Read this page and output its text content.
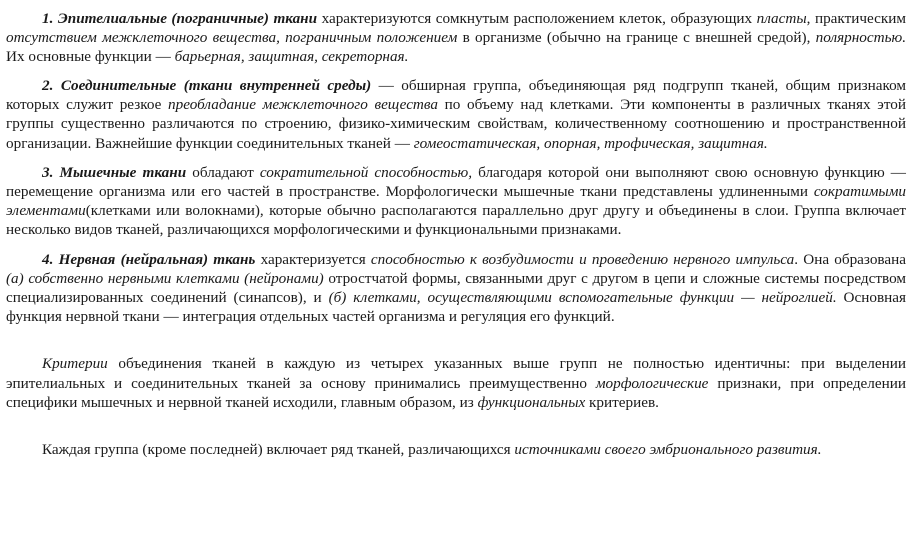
1. Эпителиальные (пограничные) ткани характеризуются сомкнутым расположением клеток, образующих пласты, практическим отсутствием межклеточного вещества, пограничным положением в организме (обычно на границе с внешней средой), полярностью. Их основные функции — барьерная, защитная, секреторная.

2. Соединительные (ткани внутренней среды) — обширная группа, объединяющая ряд подгрупп тканей, общим признаком которых служит резкое преобладание межклеточного вещества по объему над клетками. Эти компоненты в различных тканях этой группы существенно различаются по строению, физико-химическим свойствам, количественному соотношению и пространственной организации. Важнейшие функции соединительных тканей — гомеостатическая, опорная, трофическая, защитная.

3. Мышечные ткани обладают сократительной способностью, благодаря которой они выполняют свою основную функцию — перемещение организма или его частей в пространстве. Морфологически мышечные ткани представлены удлиненными сократимыми элементами(клетками или волокнами), которые обычно располагаются параллельно друг другу и объединены в слои. Группа включает несколько видов тканей, различающихся морфологическими и функциональными признаками.

4. Нервная (нейральная) ткань характеризуется способностью к возбудимости и проведению нервного импульса. Она образована (а) собственно нервными клетками (нейронами) отростчатой формы, связанными друг с другом в цепи и сложные системы посредством специализированных соединений (синапсов), и (б) клетками, осуществляющими вспомогательные функции — нейроглией. Основная функция нервной ткани — интеграция отдельных частей организма и регуляция его функций.

Критерии объединения тканей в каждую из четырех указанных выше групп не полностью идентичны: при выделении эпителиальных и соединительных тканей за основу принимались преимущественно морфологические признаки, при определении специфики мышечных и нервной тканей исходили, главным образом, из функциональных критериев.

Каждая группа (кроме последней) включает ряд тканей, различающихся источниками своего эмбрионального развития.
